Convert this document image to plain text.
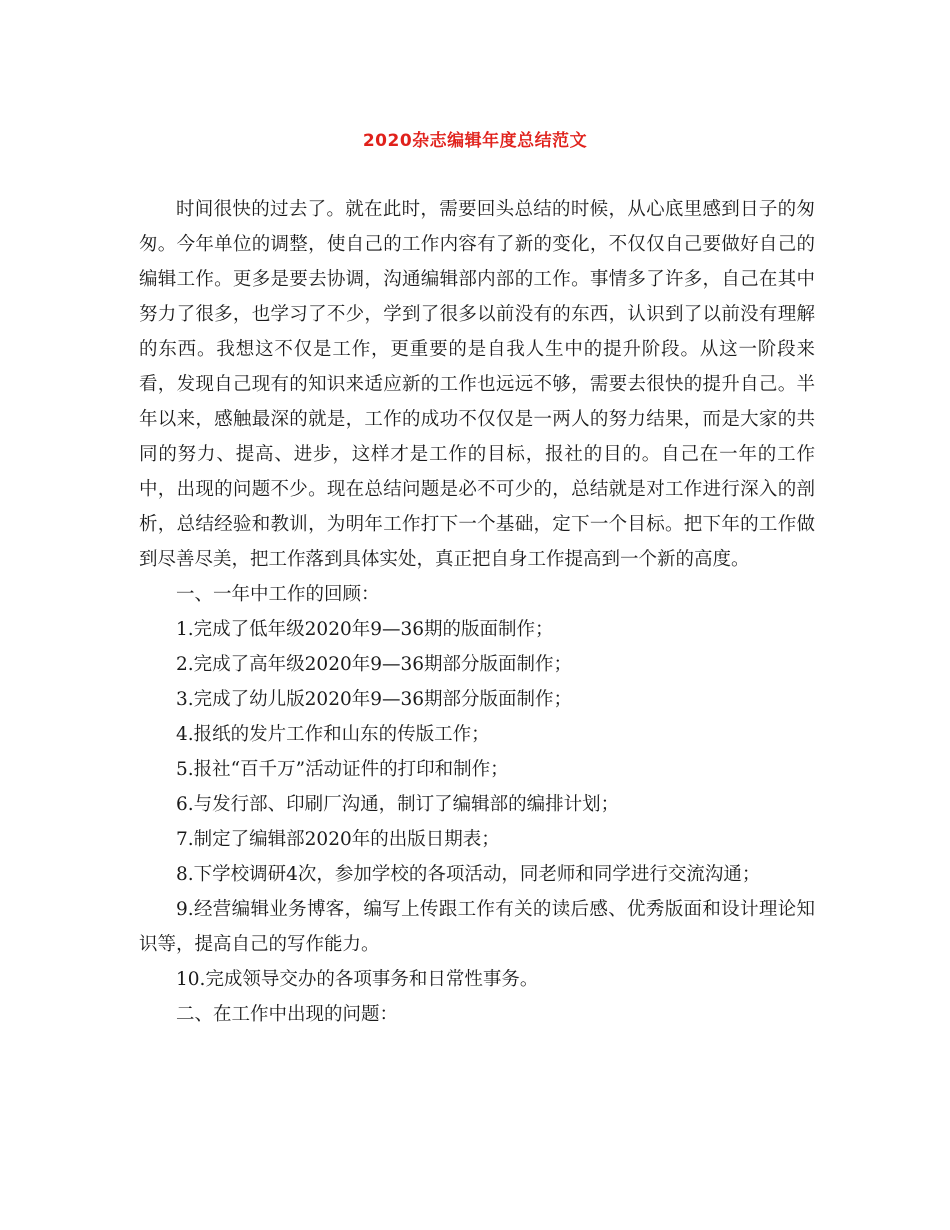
2020杂志编辑年度总结范文

时间很快的过去了。就在此时，需要回头总结的时候，从心底里感到日子的匆匆。今年单位的调整，使自己的工作内容有了新的变化，不仅仅自己要做好自己的编辑工作。更多是要去协调，沟通编辑部内部的工作。事情多了许多，自己在其中努力了很多，也学习了不少，学到了很多以前没有的东西，认识到了以前没有理解的东西。我想这不仅是工作，更重要的是自我人生中的提升阶段。从这一阶段来看，发现自己现有的知识来适应新的工作也远远不够，需要去很快的提升自己。半年以来，感触最深的就是，工作的成功不仅仅是一两人的努力结果，而是大家的共同的努力、提高、进步，这样才是工作的目标，报社的目的。自己在一年的工作中，出现的问题不少。现在总结问题是必不可少的，总结就是对工作进行深入的剖析，总结经验和教训，为明年工作打下一个基础，定下一个目标。把下年的工作做到尽善尽美，把工作落到具体实处，真正把自身工作提高到一个新的高度。

一、一年中工作的回顾：

1.完成了低年级2020年9—36期的版面制作；

2.完成了高年级2020年9—36期部分版面制作；

3.完成了幼儿版2020年9—36期部分版面制作；

4.报纸的发片工作和山东的传版工作；

5.报社“百千万”活动证件的打印和制作；

6.与发行部、印刷厂沟通，制订了编辑部的编排计划；

7.制定了编辑部2020年的出版日期表；

8.下学校调研4次，参加学校的各项活动，同老师和同学进行交流沟通；

9.经营编辑业务博客，编写上传跟工作有关的读后感、优秀版面和设计理论知识等，提高自己的写作能力。

10.完成领导交办的各项事务和日常性事务。

二、在工作中出现的问题：
